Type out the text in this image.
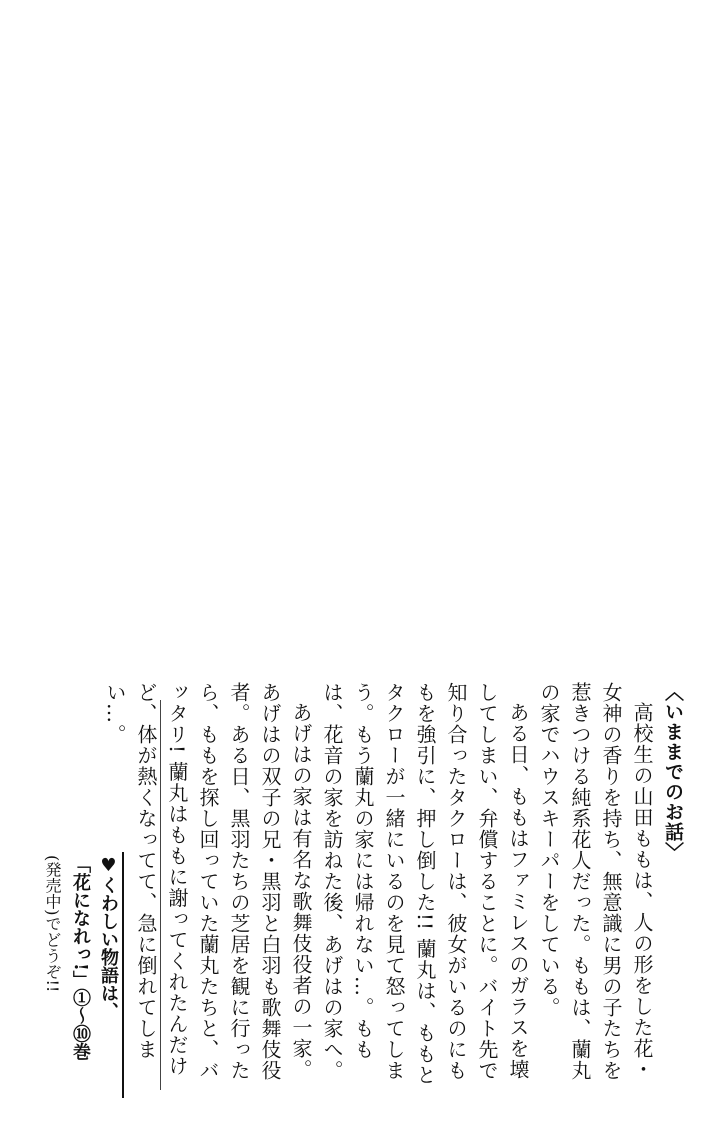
〈いままでのお話〉

高校生の山田ももは、人の形をした花・女神の香りを持ち、無意識に男の子たちを惹きつける純系花人だった。ももは、蘭丸の家でハウスキーパーをしている。

ある日、ももはファミレスのガラスを壊してしまい、弁償することに。バイト先で知り合ったタクローは、彼女がいるのにももを強引に、押し倒した!! 蘭丸は、ももとタクローが一緒にいるのを見て怒ってしまう。もう蘭丸の家には帰れない…。ももは、花音の家を訪ねた後、あげはの家へ。

あげはの家は有名な歌舞伎役者の一家。あげはの双子の兄・黒羽と白羽も歌舞伎役者。ある日、黒羽たちの芝居を観に行ったら、ももを探し回っていた蘭丸たちと、バッタリ! 蘭丸はももに謝ってくれたんだけど、体が熱くなってて、急に倒れてしまい…。

♥くわしい物語は、

「花になれっ!」①〜⑩巻

(発売中)でどうぞ!!
